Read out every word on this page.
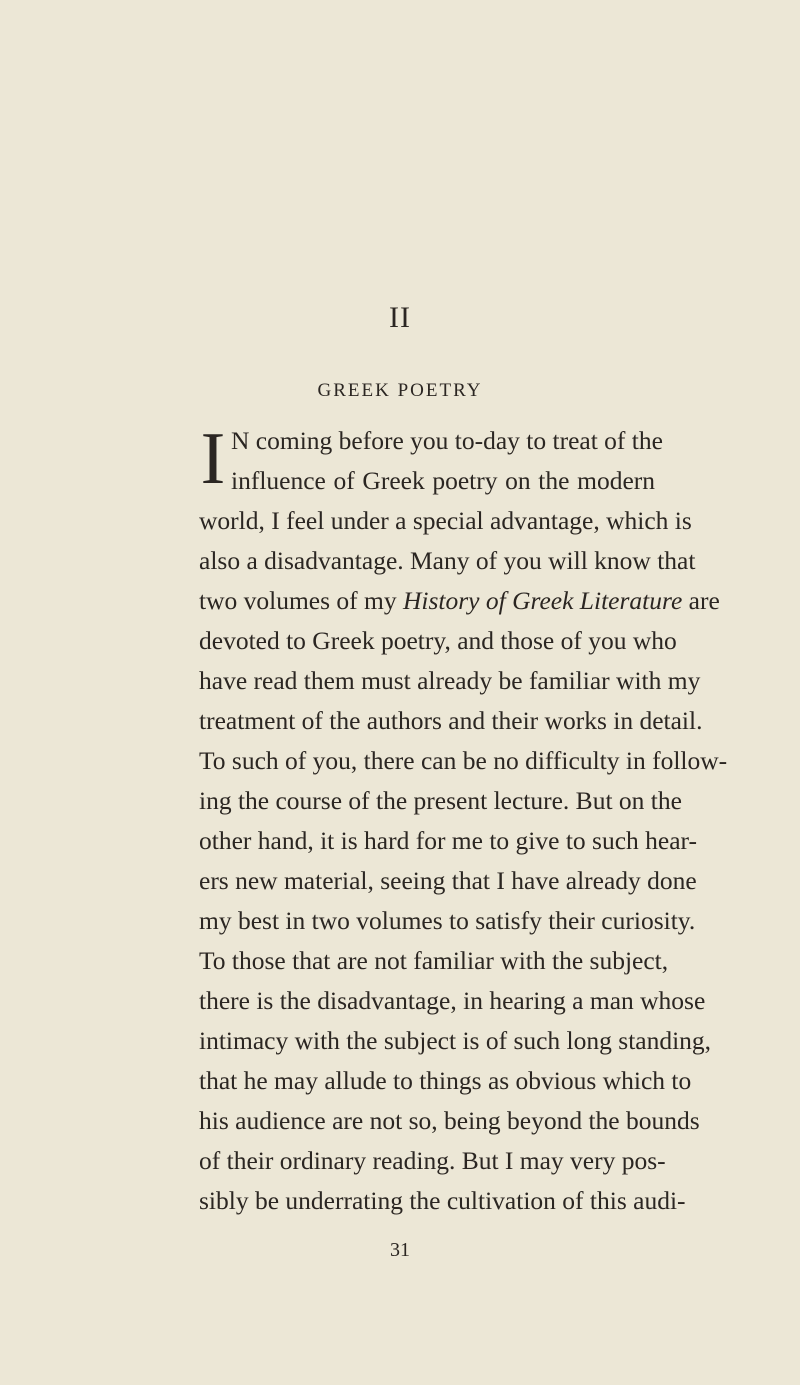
II
GREEK POETRY
I N coming before you to-day to treat of the
influence of Greek poetry on the modern
world, I feel under a special advantage, which is
also a disadvantage. Many of you will know that
two volumes of my History of Greek Literature are
devoted to Greek poetry, and those of you who
have read them must already be familiar with my
treatment of the authors and their works in detail.
To such of you, there can be no difficulty in follow-
ing the course of the present lecture. But on the
other hand, it is hard for me to give to such hear-
ers new material, seeing that I have already done
my best in two volumes to satisfy their curiosity.
To those that are not familiar with the subject,
there is the disadvantage, in hearing a man whose
intimacy with the subject is of such long standing,
that he may allude to things as obvious which to
his audience are not so, being beyond the bounds
of their ordinary reading. But I may very pos-
sibly be underrating the cultivation of this audi-
31
